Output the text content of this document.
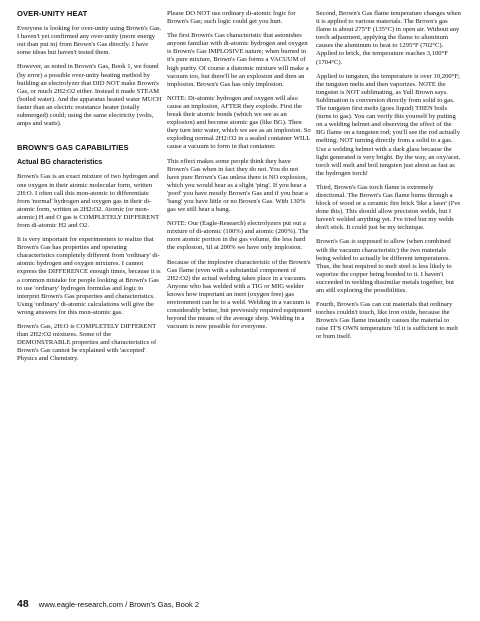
OVER-UNITY HEAT

Everyone is looking for over-unity using Brown's Gas. I haven't yet confirmed any over-unity (more energy out than put in) from Brown's Gas directly. I have some ideas but haven't tested them.

However, as noted in Brown's Gas, Book 1, we found (by error) a possible over-unity heating method by building an electrolyzer that DID NOT make Brown's Gas, or much 2H2:O2 either. Instead it made STEAM (boiled water). And the apparatus heated water MUCH faster than an electric resistance heater (totally submerged) could; using the same electricity (volts, amps and watts).

BROWN'S GAS CAPABILITIES
Actual BG characteristics

Brown's Gas is an exact mixture of two hydrogen and one oxygen in their atomic molecular form, written 2H:O. I often call this mon-atomic to differentiate from 'normal' hydrogen and oxygen gas in their di-atomic form, written as 2H2:O2. Atomic (or mon-atomic) H and O gas is COMPLETELY DIFFERENT from di-atomic H2 and O2.

It is very important for experimenters to realize that Brown's Gas has properties and operating characteristics completely different from 'ordinary' di-atomic hydrogen and oxygen mixtures. I cannot express the DIFFERENCE enough times, because it is a common mistake for people looking at Brown's Gas to use 'ordinary' hydrogen formulas and logic to interpret Brown's Gas properties and characteristics. Using 'ordinary' di-atomic calculations will give the wrong answers for this mon-atomic gas.

Brown's Gas, 2H:O is COMPLETELY DIFFERENT than 2H2:O2 mixtures. Some of the DEMONSTRABLE properties and characteristics of Brown's Gas cannot be explained with 'accepted' Physics and Chemistry.

Please DO NOT use ordinary di-atomic logic for Brown's Gas; such logic could get you hurt.

The first Brown's Gas characteristic that astonishes anyone familiar with di-atomic hydrogen and oxygen is Brown's Gas IMPLOSIVE nature; when burned in it's pure mixture, Brown's Gas forms a VACUUM of high purity. Of course a diatomic mixture will make a vacuum too, but there'll be an explosion and then an implosion. Brown's Gas has only implosion.

NOTE: Di-atomic hydrogen and oxygen will also cause an implosion, AFTER they explode. First the break their atomic bonds (which we see as an explosion) and become atomic gas (like BG). Then they turn into water, which we see as an implosion. So exploding normal 2H2:O2 in a sealed container WILL cause a vacuum to form in that container.

This effect makes some people think they have Brown's Gas when in fact they do not. You do not have pure Brown's Gas unless there is NO explosion, which you would hear as a slight 'ping'. If you hear a 'poof' you have mostly Brown's Gas and if you hear a 'bang' you have little or no Brown's Gas. With 130% gas we still hear a bang.

NOTE: Our (Eagle-Research) electrolyzers put out a mixture of di-atomic (100%) and atomic (200%). The more atomic portion in the gas volume, the less hard the explosion, 'til at 200% we have only implosion.

Because of the implosive characteristic of the Brown's Gas flame (even with a substantial component of 2H2:O2) the actual welding takes place in a vacuum. Anyone who has welded with a TIG or MIG welder knows how important an inert (oxygen free) gas environment can be to a weld. Welding in a vacuum is considerably better, but previously required equipment beyond the means of the average shop. Welding in a vacuum is now possible for everyone.

Second, Brown's Gas flame temperature changes when it is applied to various materials. The Brown's gas flame is about 275°F (135°C) in open air. Without any torch adjustment, applying the flame to aluminum causes the aluminum to heat to 1295°F (702°C). Applied to brick, the temperature reaches 3,100°F (1704°C).

Applied to tungsten, the temperature is over 10,200°F; the tungsten melts and then vaporizes. NOTE the tungsten is NOT sublimating, as Yull Brown says. Sublimation is conversion directly from solid to gas. The tungsten first melts (goes liquid) THEN boils (turns to gas). You can verify this yourself by putting on a welding helmet and observing the effect of the BG flame on a tungsten rod; you'll see the rod actually melting; NOT turning directly from a solid to a gas. Use a welding helmet with a dark glass because the light generated is very bright. By the way, an oxy/acet. torch will melt and boil tungsten just about as fast as the hydrogen torch!

Third, Brown's Gas torch flame is extremely directional. The Brown's Gas flame burns through a block of wood or a ceramic fire brick 'like a laser' (I've done this). This should allow precision welds, but I haven't welded anything yet. I've tried but my welds don't stick. It could just be my technique.

Brown's Gas is supposed to allow (when combined with the vacuum characteristic) the two materials being welded to actually be different temperatures. Thus, the heat required to melt steel is less likely to vaporize the copper being bonded to it. I haven't succeeded in welding dissimilar metals together, but am still exploring the possibilities.

Fourth, Brown's Gas can cut materials that ordinary torches couldn't touch, like iron oxide, because the Brown's Gas flame instantly causes the material to raise IT'S OWN temperature 'til it is sufficient to melt or burn itself.

48 www.eagle-research.com / Brown's Gas, Book 2
